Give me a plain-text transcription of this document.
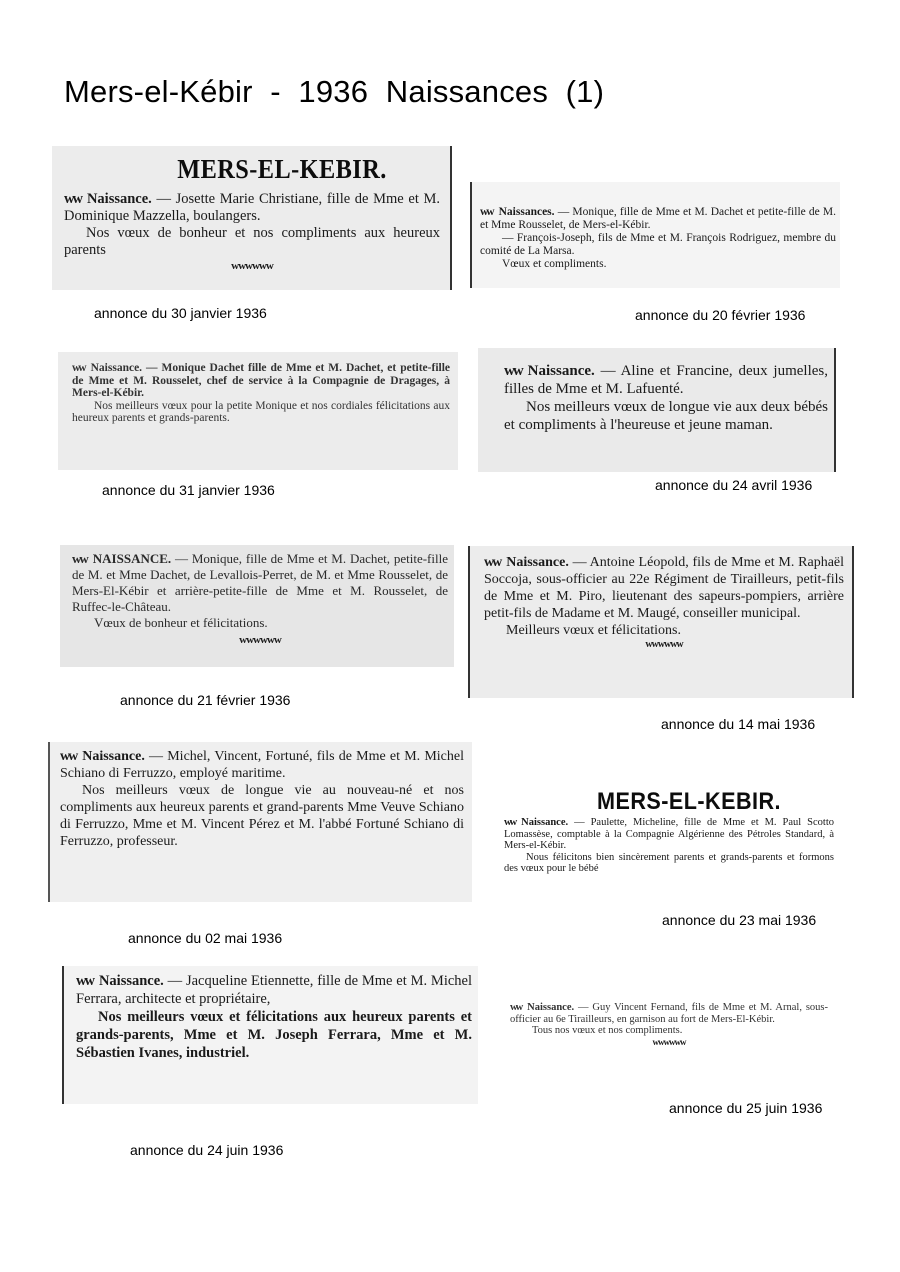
Mers-el-Kébir  -  1936  Naissances  (1)
MERS-EL-KEBIR.

ww Naissance. — Josette Marie Christiane, fille de Mme et M. Dominique Mazzella, boulangers.

Nos vœux de bonheur et nos compliments aux heureux parents

wwwwww
annonce du 30 janvier 1936

ww Naissances. — Monique, fille de Mme et M. Dachet et petite-fille de M. et Mme Rousselet, de Mers-el-Kébir.

— François-Joseph, fils de Mme et M. François Rodriguez, membre du comité de La Marsa.

Vœux et compliments.

annonce du 20 février 1936

ww Naissance. — Monique Dachet fille de Mme et M. Dachet, et petite-fille de Mme et M. Rousselet, chef de service à la Compagnie de Dragages, à Mers-el-Kébir.

Nos meilleurs vœux pour la petite Monique et nos cordiales félicitations aux heureux parents et grands-parents.

annonce du 31 janvier 1936

ww Naissance. — Aline et Francine, deux jumelles, filles de Mme et M. Lafuenté.

Nos meilleurs vœux de longue vie aux deux bébés et compliments à l'heureuse et jeune maman.

annonce du 24 avril 1936

ww NAISSANCE. — Monique, fille de Mme et M. Dachet, petite-fille de M. et Mme Dachet, de Levallois-Perret, de M. et Mme Rousselet, de Mers-El-Kébir et arrière-petite-fille de Mme et M. Rousselet, de Ruffec-le-Château.

Vœux de bonheur et félicitations.

wwwwww
annonce du 21 février 1936

ww Naissance. — Antoine Léopold, fils de Mme et M. Raphaël Soccoja, sous-officier au 22e Régiment de Tirailleurs, petit-fils de Mme et M. Piro, lieutenant des sapeurs-pompiers, arrière petit-fils de Madame et M. Maugé, conseiller municipal.

Meilleurs vœux et félicitations.

wwwwww
annonce du 14 mai 1936

ww Naissance. — Michel, Vincent, Fortuné, fils de Mme et M. Michel Schiano di Ferruzzo, employé maritime.

Nos meilleurs vœux de longue vie au nouveau-né et nos compliments aux heureux parents et grand-parents Mme Veuve Schiano di Ferruzzo, Mme et M. Vincent Pérez et M. l'abbé Fortuné Schiano di Ferruzzo, professeur.

annonce du 02 mai 1936
MERS-EL-KEBIR.

ww Naissance. — Paulette, Micheline, fille de Mme et M. Paul Scotto Lomassèse, comptable à la Compagnie Algérienne des Pétroles Standard, à Mers-el-Kébir.

Nous félicitons bien sincèrement parents et grands-parents et formons des vœux pour le bébé

annonce du 23 mai 1936

ww Naissance. — Jacqueline Etiennette, fille de Mme et M. Michel Ferrara, architecte et propriétaire,

Nos meilleurs vœux et félicitations aux heureux parents et grands-parents, Mme et M. Joseph Ferrara, Mme et M. Sébastien Ivanes, industriel.

annonce du 24 juin 1936

ww Naissance. — Guy Vincent Fernand, fils de Mme et M. Arnal, sous-officier au 6e Tirailleurs, en garnison au fort de Mers-El-Kébir.

Tous nos vœux et nos compliments.

wwwwww
annonce du 25 juin 1936
